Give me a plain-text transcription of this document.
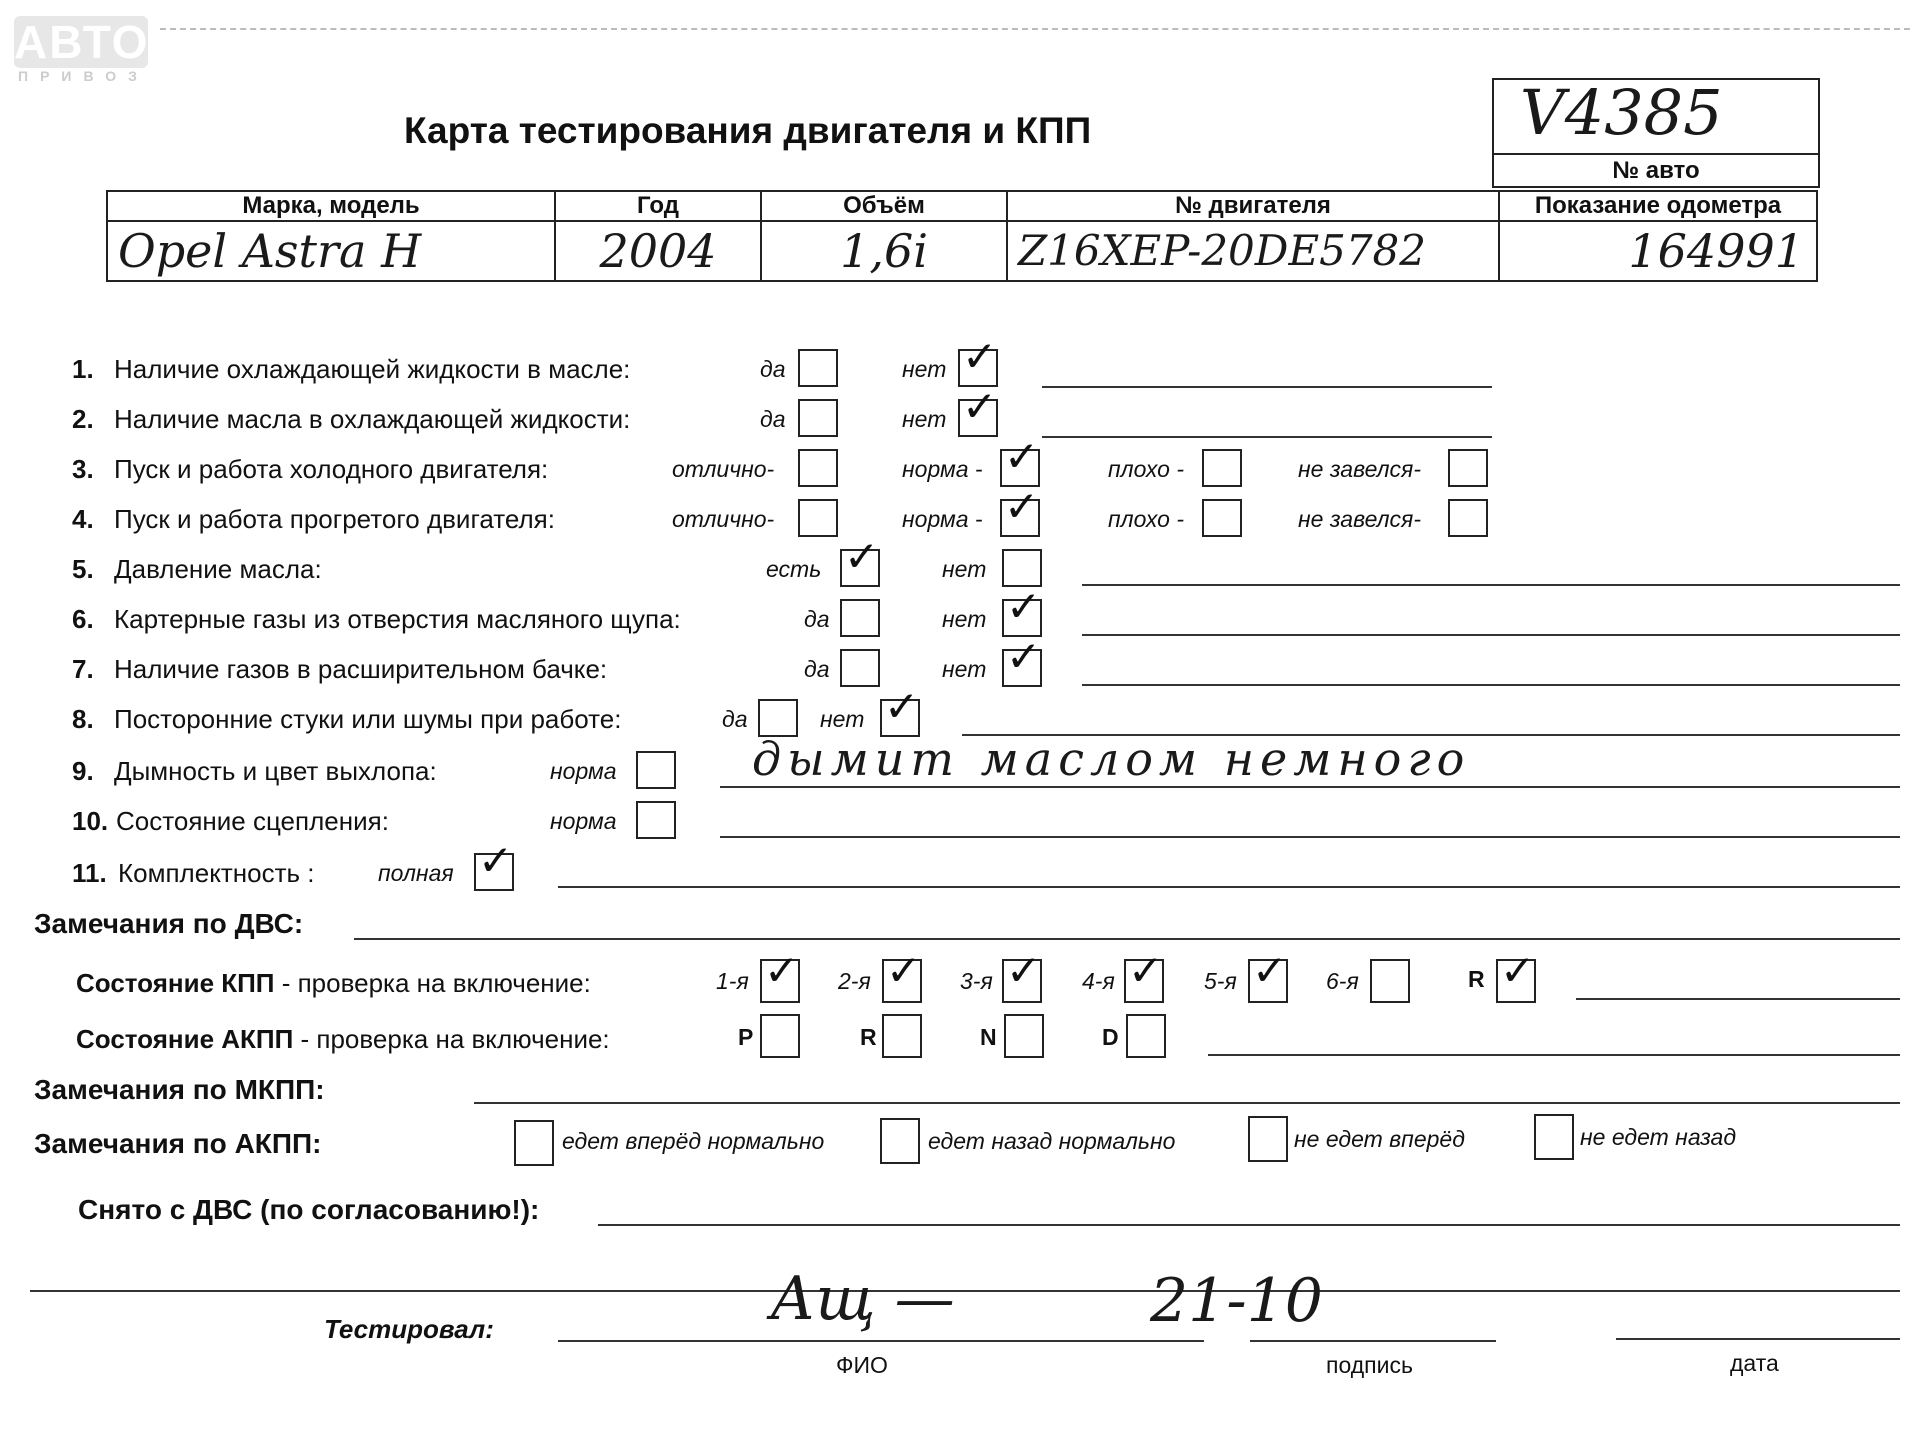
АВТО
ПРИВОЗ
Карта тестирования двигателя и КПП	V4385
№ авто
Марка, модель	Год	Объём	№ двигателя	Показание одометра
Opel Astra H	2004	1,6i	Z16XEP-20DE5782	164991
1. Наличие охлаждающей жидкости в масле:	да	нет ✓
2. Наличие масла в охлаждающей жидкости:	да	нет ✓
3. Пуск и работа холодного двигателя:	отлично-	норма - ✓	плохо -	не завелся-
4. Пуск и работа прогретого двигателя:	отлично-	норма - ✓	плохо -	не завелся-
5. Давление масла:	есть ✓	нет
6. Картерные газы из отверстия масляного щупа:	да	нет ✓
7. Наличие газов в расширительном бачке:	да	нет ✓
8. Посторонние стуки или шумы при работе:	да	нет ✓
9. Дымность и цвет выхлопа:	норма	дымит маслом немного
10. Состояние сцепления:	норма
11. Комплектность :	полная ✓
Замечания по ДВС:
Состояние КПП - проверка на включение:	1-я ✓ 2-я ✓ 3-я ✓ 4-я ✓ 5-я ✓ 6-я	R ✓
Состояние АКПП - проверка на включение:	P	R	N	D
Замечания по МКПП:
Замечания по АКПП:	едет вперёд нормально	едет назад нормально	не едет вперёд	не едет назад
Снято с ДВС (по согласованию!):
Тестировал:	Ащ —	21-10
ФИО	подпись	дата
